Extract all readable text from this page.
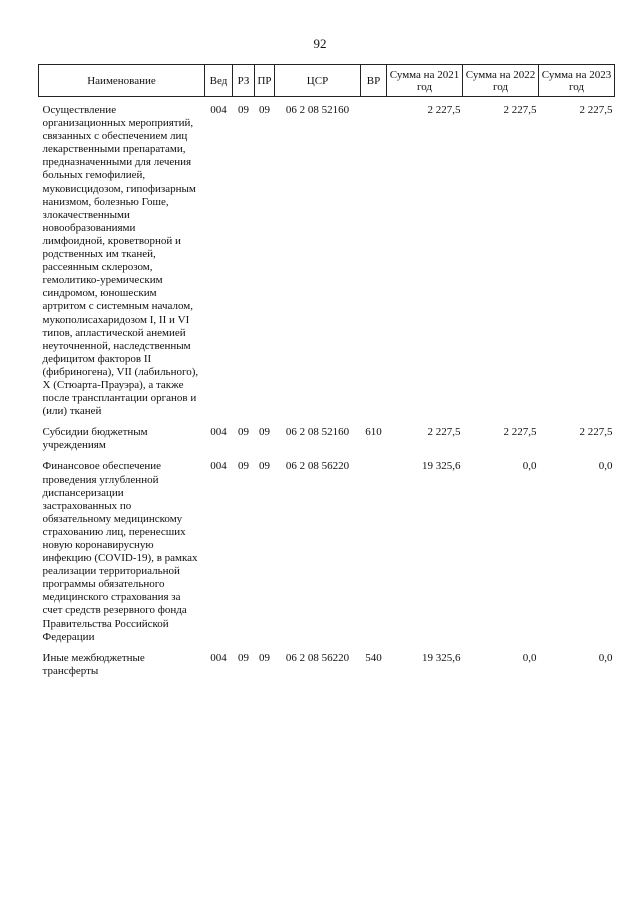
92
Наименование	Вед	РЗ	ПР	ЦСР	ВР	Сумма на 2021 год	Сумма на 2022 год	Сумма на 2023 год

Осуществление организационных мероприятий, связанных с обеспечением лиц лекарственными препаратами, предназначенными для лечения больных гемофилией, муковисцидозом, гипофизарным нанизмом, болезнью Гоше, злокачественными новообразованиями лимфоидной, кроветворной и родственных им тканей, рассеянным склерозом, гемолитико-уремическим синдромом, юношеским артритом с системным началом, мукополисахаридозом I, II и VI типов, апластической анемией неуточненной, наследственным дефицитом факторов II (фибриногена), VII (лабильного), X (Стюарта-Прауэра), а также после трансплантации органов и (или) тканей	004	09	09	06 2 08 52160		2 227,5	2 227,5	2 227,5

Субсидии бюджетным учреждениям	004	09	09	06 2 08 52160	610	2 227,5	2 227,5	2 227,5

Финансовое обеспечение проведения углубленной диспансеризации застрахованных по обязательному медицинскому страхованию лиц, перенесших новую коронавирусную инфекцию (COVID-19), в рамках реализации территориальной программы обязательного медицинского страхования за счет средств резервного фонда Правительства Российской Федерации	004	09	09	06 2 08 56220		19 325,6	0,0	0,0

Иные межбюджетные трансферты	004	09	09	06 2 08 56220	540	19 325,6	0,0	0,0
